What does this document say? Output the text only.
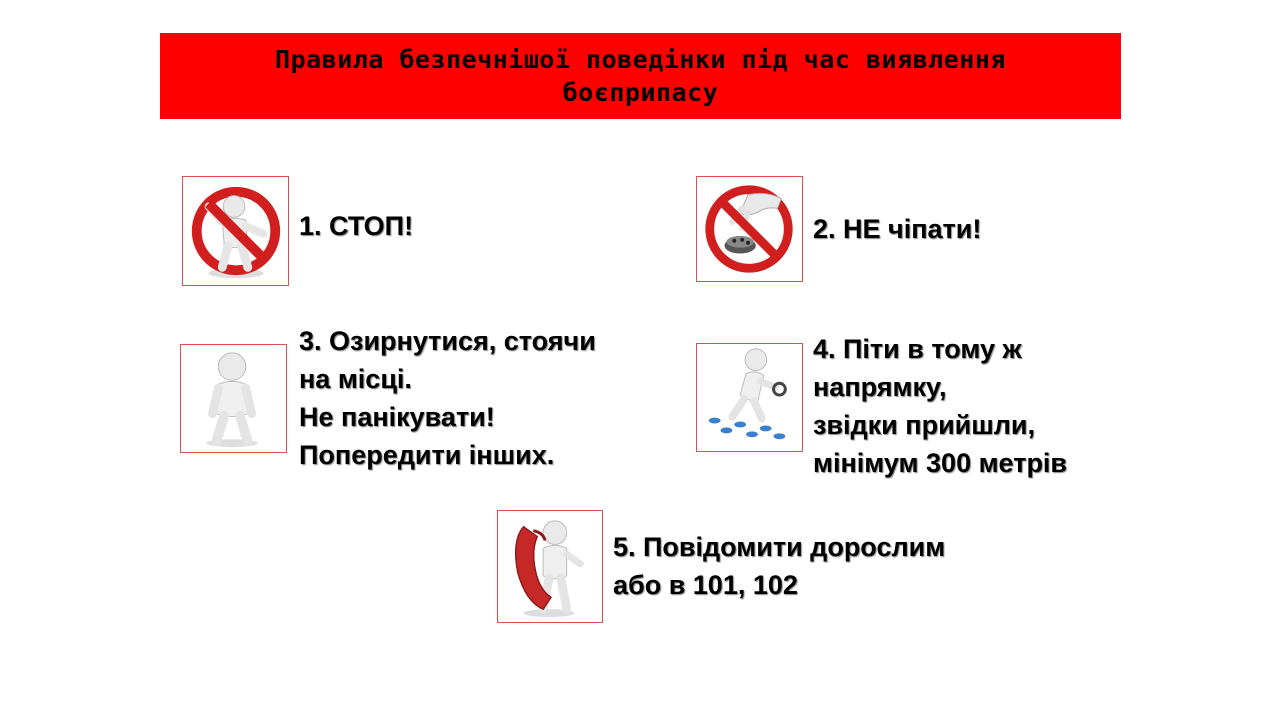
Правила безпечнішої поведінки під час виявлення
боєприпасу
1. СТОП!	2. НЕ чіпати!
3. Озирнутися, стоячи
на місці.
Не панікувати!
Попередити інших.
4. Піти в тому ж
напрямку,
звідки прийшли,
мінімум 300 метрів
5. Повідомити дорослим
або в 101, 102
